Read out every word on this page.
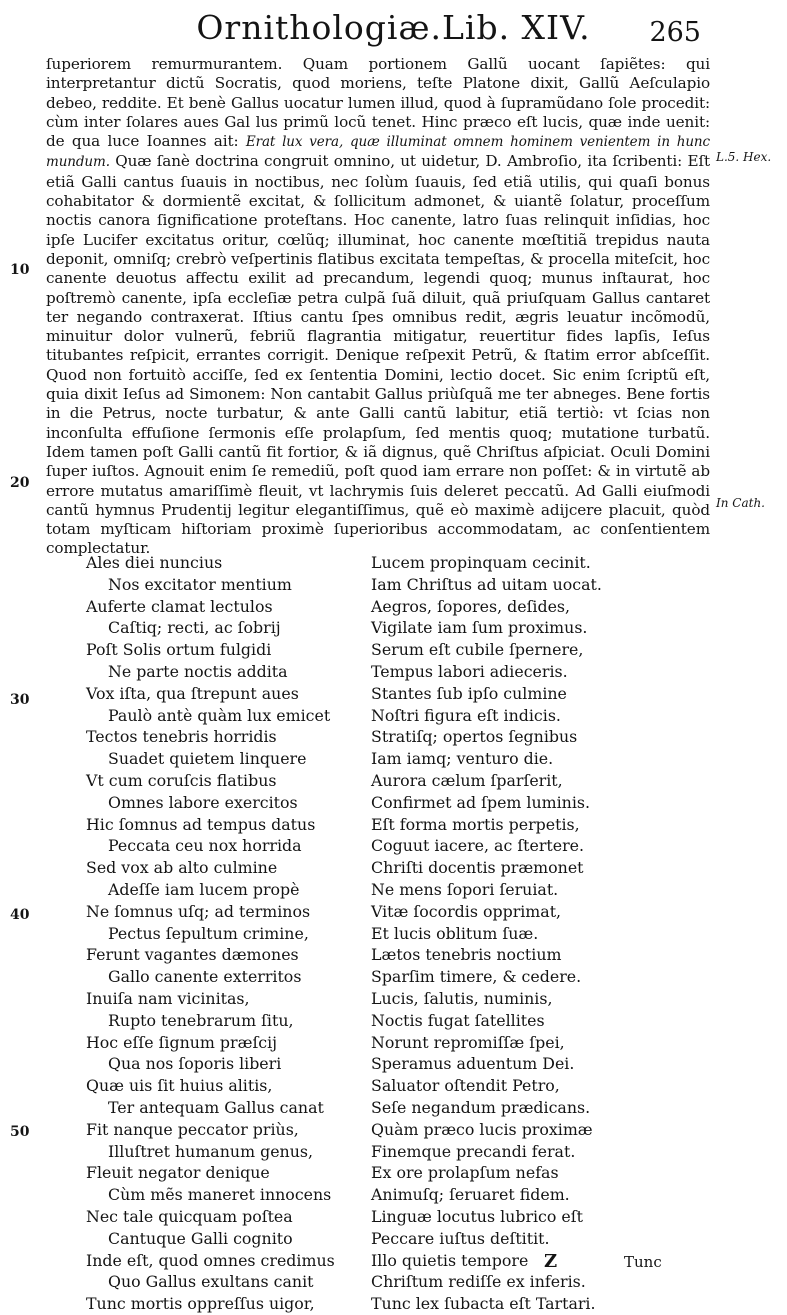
Ornithologiæ.Lib. XIV.	265

ſuperiorem remurmurantem. Quam portionem Gallũ uocant ſapiẽtes: qui interpretantur dictũ Socratis, quod moriens, teſte Platone dixit, Gallũ Aeſculapio debeo, reddite. Et benè Gallus uocatur lumen illud, quod à ſupramũdano ſole procedit: cùm inter ſolares aues Gal lus primũ locũ tenet. Hinc præco eſt lucis, quæ inde uenit: de qua luce Ioannes ait: Erat lux vera, quæ illuminat omnem hominem venientem in hunc mundum. Quæ ſanè doctrina congruit omnino, ut uidetur, D. Ambroſio, ita ſcribenti: Eſt etiã Galli cantus ſuauis in noctibus, nec ſolùm ſuauis, ſed etiã utilis, qui quaſi bonus cohabitator & dormientẽ excitat, & ſollicitum admonet, & uiantẽ ſolatur, proceſſum noctis canora ſignificatione proteſtans. Hoc canente, latro ſuas relinquit inſidias, hoc ipſe Lucifer excitatus oritur, cœlũq; illuminat, hoc canente mœſtitiã trepidus nauta deponit, omniſq; crebrò veſpertinis flatibus excitata tempeſtas, & procella miteſcit, hoc canente deuotus affectu exilit ad precandum, legendi quoq; munus inſtaurat, hoc poſtremò canente, ipſa eccleſiæ petra culpã ſuã diluit, quã priuſquam Gallus cantaret ter negando contraxerat. Iſtius cantu ſpes omnibus redit, ægris leuatur incõmodũ, minuitur dolor vulnerũ, febriũ flagrantia mitigatur, reuertitur fides lapſis, Ieſus titubantes reſpicit, errantes corrigit. Denique reſpexit Petrũ, & ſtatim error abſceſſit. Quod non fortuitò acciſſe, ſed ex ſententia Domini, lectio docet. Sic enim ſcriptũ eſt, quia dixit Ieſus ad Simonem: Non cantabit Gallus priùſquã me ter abneges. Bene fortis in die Petrus, nocte turbatur, & ante Galli cantũ labitur, etiã tertiò: vt ſcias non inconſulta effuſione ſermonis eſſe prolapſum, ſed mentis quoq; mutatione turbatũ. Idem tamen poſt Galli cantũ fit fortior, & iã dignus, quẽ Chriſtus aſpiciat. Oculi Domini ſuper iuſtos. Agnouit enim ſe remediũ, poſt quod iam errare non poſſet: & in virtutẽ ab errore mutatus amariſſimè fleuit, vt lachrymis ſuis deleret peccatũ. Ad Galli eiuſmodi cantũ hymnus Prudentij legitur elegantiſſimus, quẽ eò maximè adijcere placuit, quòd totam myſticam hiſtoriam proximè ſuperioribus accommodatam, ac conſentientem complectatur.

L.5. Hex.
In Cath.
10
20
30
40
50
Ales diei nuncius
Nos excitator mentium
Auferte clamat lectulos
Caſtiq; recti, ac ſobrij
Poſt Solis ortum fulgidi
Ne parte noctis addita
Vox iſta, qua ſtrepunt aues
Paulò antè quàm lux emicet
Tectos tenebris horridis
Suadet quietem linquere
Vt cum coruſcis flatibus
Omnes labore exercitos
Hic ſomnus ad tempus datus
Peccata ceu nox horrida
Sed vox ab alto culmine
Adeſſe iam lucem propè
Ne ſomnus uſq; ad terminos
Pectus ſepultum crimine,
Ferunt vagantes dæmones
Gallo canente exterritos
Inuiſa nam vicinitas,
Rupto tenebrarum ſitu,
Hoc eſſe ſignum præſcij
Qua nos ſoporis liberi
Quæ uis ſit huius alitis,
Ter antequam Gallus canat
Fit nanque peccator priùs,
Illuſtret humanum genus,
Fleuit negator denique
Cùm mẽs maneret innocens
Nec tale quicquam poſtea
Cantuque Galli cognito
Inde eſt, quod omnes credimus
Quo Gallus exultans canit
Tunc mortis oppreſſus uigor,
Lucem propinquam cecinit.
Iam Chriſtus ad uitam uocat.
Aegros, ſopores, deſides,
Vigilate iam ſum proximus.
Serum eſt cubile ſpernere,
Tempus labori adieceris.
Stantes ſub ipſo culmine
Noſtri figura eſt indicis.
Stratiſq; opertos ſegnibus
Iam iamq; venturo die.
Aurora cælum ſparſerit,
Confirmet ad ſpem luminis.
Eſt forma mortis perpetis,
Coguut iacere, ac ſtertere.
Chriſti docentis præmonet
Ne mens ſopori ſeruiat.
Vitæ ſocordis opprimat,
Et lucis oblitum ſuæ.
Lætos tenebris noctium
Sparſim timere, & cedere.
Lucis, ſalutis, numinis,
Noctis fugat ſatellites
Norunt repromiſſæ ſpei,
Speramus aduentum Dei.
Saluator oſtendit Petro,
Seſe negandum prædicans.
Quàm præco lucis proximæ
Finemque precandi ferat.
Ex ore prolapſum nefas
Animuſq; ſeruaret fidem.
Linguæ locutus lubrico eſt
Peccare iuſtus deſtitit.
Illo quietis tempore
Chriſtum rediſſe ex inferis.
Tunc lex ſubacta eſt Tartari.
Z	Tunc
